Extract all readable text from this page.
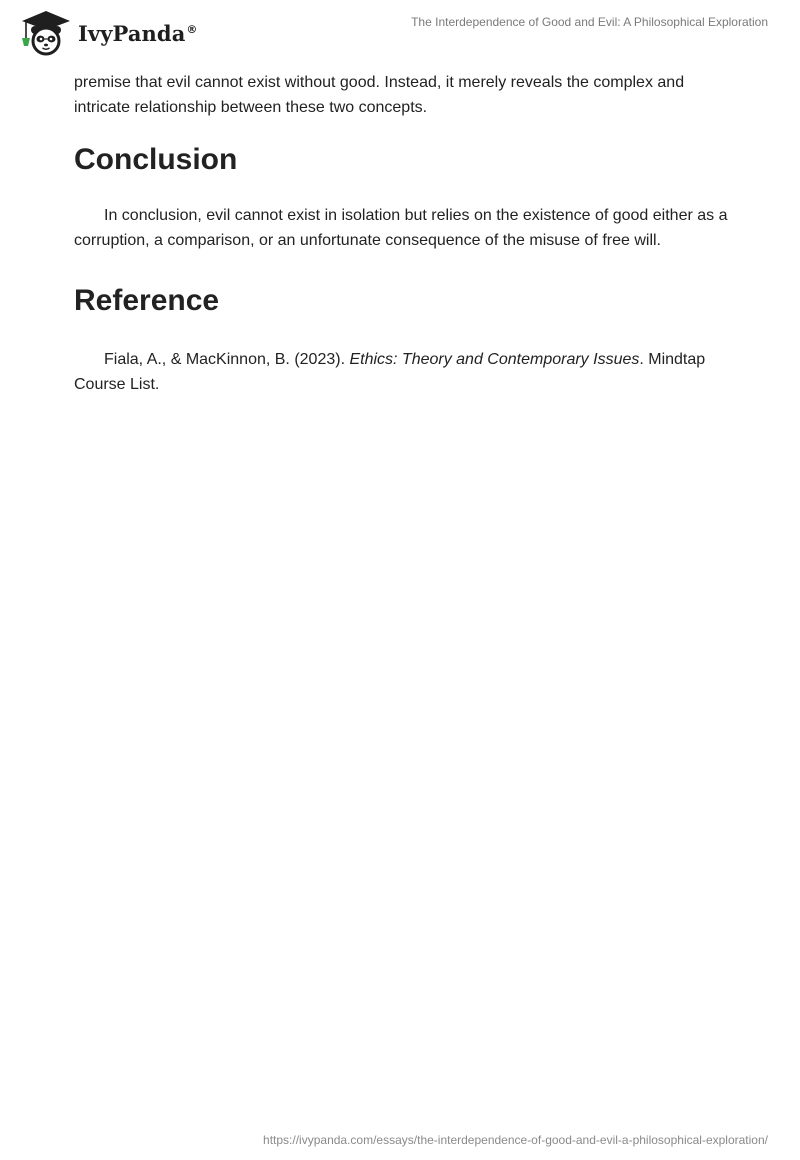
IvyPanda®	The Interdependence of Good and Evil: A Philosophical Exploration

premise that evil cannot exist without good. Instead, it merely reveals the complex and intricate relationship between these two concepts.

Conclusion

In conclusion, evil cannot exist in isolation but relies on the existence of good either as a corruption, a comparison, or an unfortunate consequence of the misuse of free will.

Reference

Fiala, A., & MacKinnon, B. (2023). Ethics: Theory and Contemporary Issues. Mindtap Course List.

https://ivypanda.com/essays/the-interdependence-of-good-and-evil-a-philosophical-exploration/
